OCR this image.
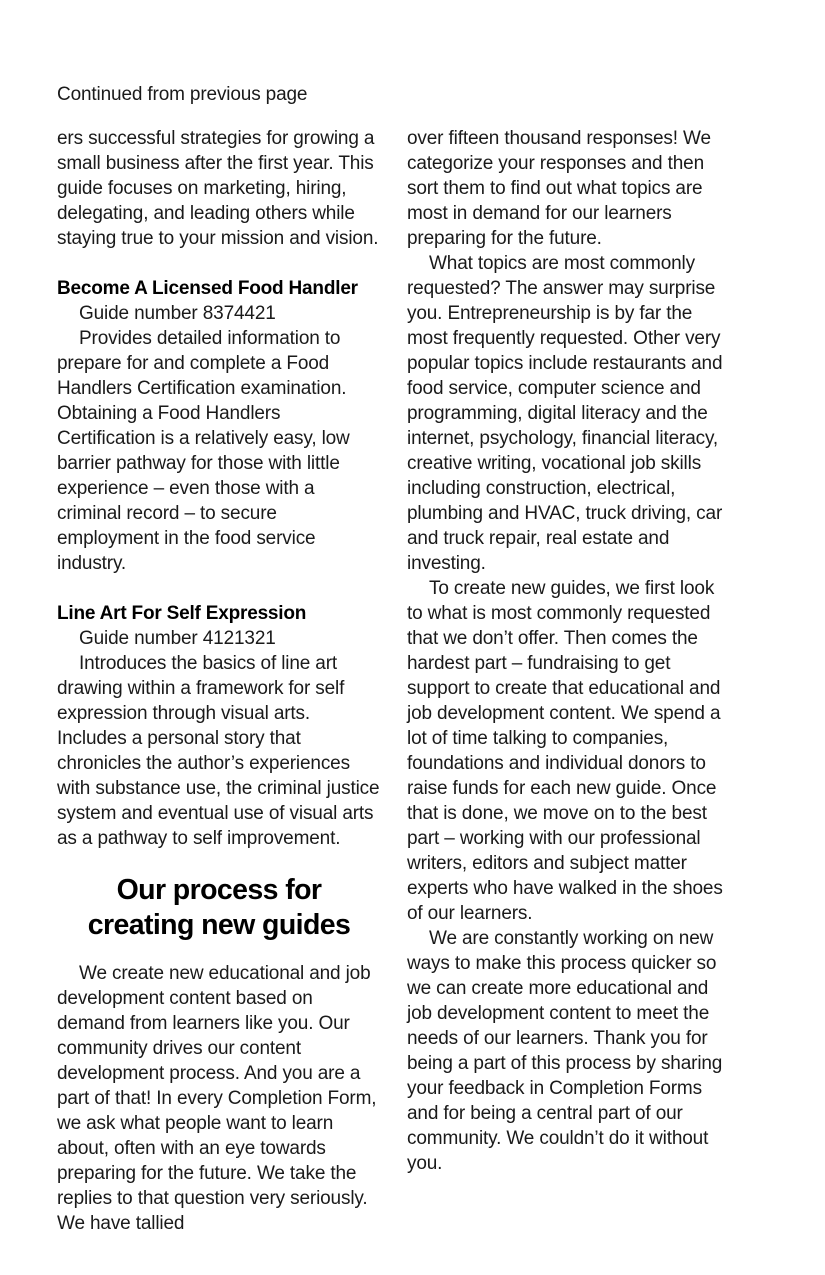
Continued from previous page

ers successful strategies for growing a small business after the first year. This guide focuses on marketing, hiring, delegating, and leading others while staying true to your mission and vision.

Become A Licensed Food Handler

Guide number 8374421

Provides detailed information to prepare for and complete a Food Handlers Certification examination. Obtaining a Food Handlers Certification is a relatively easy, low barrier pathway for those with little experience – even those with a criminal record – to secure employment in the food service industry.

Line Art For Self Expression

Guide number 4121321

Introduces the basics of line art drawing within a framework for self expression through visual arts. Includes a personal story that chronicles the author’s experiences with substance use, the criminal justice system and eventual use of visual arts as a pathway to self improvement.

Our process for
creating new guides

We create new educational and job development content based on demand from learners like you. Our community drives our content development process. And you are a part of that! In every Completion Form, we ask what people want to learn about, often with an eye towards preparing for the future. We take the replies to that question very seriously. We have tallied

over fifteen thousand responses! We categorize your responses and then sort them to find out what topics are most in demand for our learners preparing for the future.

What topics are most commonly requested? The answer may surprise you. Entrepreneurship is by far the most frequently requested. Other very popular topics include restaurants and food service, computer science and programming, digital literacy and the internet, psychology, financial literacy, creative writing, vocational job skills including construction, electrical, plumbing and HVAC, truck driving, car and truck repair, real estate and investing.

To create new guides, we first look to what is most commonly requested that we don’t offer. Then comes the hardest part – fundraising to get support to create that educational and job development content. We spend a lot of time talking to companies, foundations and individual donors to raise funds for each new guide. Once that is done, we move on to the best part – working with our professional writers, editors and subject matter experts who have walked in the shoes of our learners.

We are constantly working on new ways to make this process quicker so we can create more educational and job development content to meet the needs of our learners. Thank you for being a part of this process by sharing your feedback in Completion Forms and for being a central part of our community. We couldn’t do it without you.
